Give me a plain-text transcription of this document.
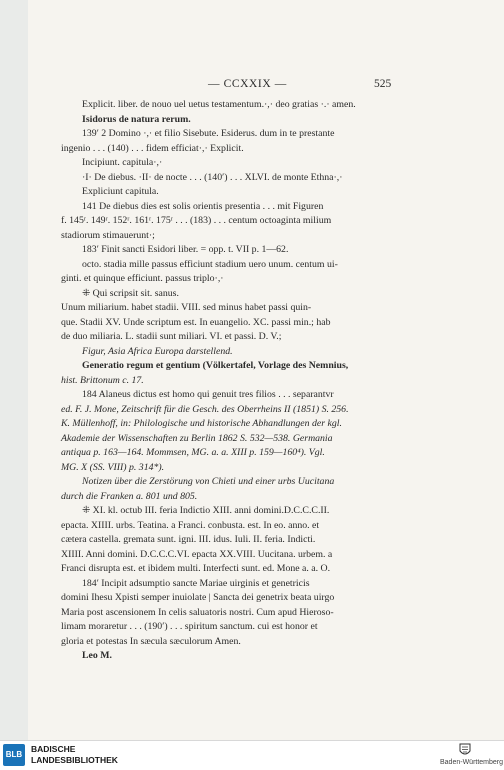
— CCXXIX —	525

Explicit. liber. de nouo uel uetus testamentum.·,· deo gratias ·.· amen.

Isidorus de natura rerum.

139′ 2 Domino ·,· et filio Sisebute. Esiderus. dum in te prestante

ingenio . . . (140) . . . fidem efficiat·,· Explicit.

Incipiunt. capitula·,·

·I· De diebus. ·II· de nocte . . . (140′) . . . XLVI. de monte Ethna·,·

Expliciunt capitula.

141 De diebus dies est solis orientis presentia . . . mit Figuren

f. 145ʳ. 149ʳ. 152ʳ. 161ʳ. 175ʳ . . . (183) . . . centum octoaginta milium

stadiorum stimauerunt·;

183′ Finit sancti Esidori liber. = opp. t. VII p. 1—62.

octo. stadia mille passus efficiunt stadium uero unum. centum ui-

ginti. et quinque efficiunt. passus triplo·,·

⁜ Qui scripsit sit. sanus.

Unum miliarium. habet stadii. VIII. sed minus habet passi quin-

que. Stadii XV. Unde scriptum est. In euangelio. XC. passi min.; hab

de duo miliaria. L. stadii sunt miliari. VI. et passi. D. V.;

Figur, Asia Africa Europa darstellend.

Generatio regum et gentium (Völkertafel, Vorlage des Nemnius,

hist. Brittonum c. 17.

184 Alaneus dictus est homo qui genuit tres filios . . . separantvr

ed. F. J. Mone, Zeitschrift für die Gesch. des Oberrheins II (1851) S. 256.

K. Müllenhoff, in: Philologische und historische Abhandlungen der kgl.

Akademie der Wissenschaften zu Berlin 1862 S. 532—538. Germania

antiqua p. 163—164. Mommsen, MG. a. a. XIII p. 159—160⁴). Vgl.

MG. X (SS. VIII) p. 314*).

Notizen über die Zerstörung von Chieti und einer urbs Uucitana

durch die Franken a. 801 und 805.

⁜ XI. kl. octub III. feria Indictio XIII. anni domini.D.C.C.C.II.

epacta. XIIII. urbs. Teatina. a Franci. conbusta. est. In eo. anno. et

cætera castella. gremata sunt. igni. III. idus. Iuli. II. feria. Indicti.

XIIII. Anni domini. D.C.C.C.VI. epacta XX.VIII. Uucitana. urbem. a

Franci disrupta est. et ibidem multi. Interfecti sunt. ed. Mone a. a. O.

184′ Incipit adsumptio sancte Mariae uirginis et genetricis

domini Ihesu Xpisti semper inuiolate | Sancta dei genetrix beata uirgo

Maria post ascensionem In celis saluatoris nostri. Cum apud Hieroso-

limam moraretur . . . (190′) . . . spiritum sanctum. cui est honor et

gloria et potestas In sæcula sæculorum Amen.

Leo M.

BLB
BADISCHE
LANDESBIBLIOTHEK	Baden-Württemberg
